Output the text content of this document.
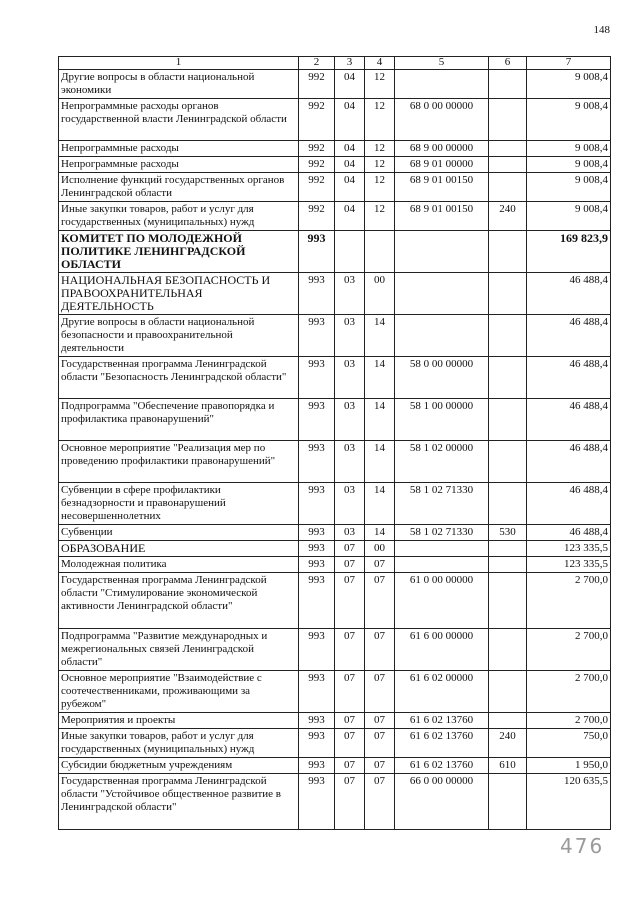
148
1	2	3	4	5	6	7
Другие вопросы в области национальной экономики	992	04	12			9 008,4
Непрограммные расходы органов государственной власти Ленинградской области	992	04	12	68 0 00 00000		9 008,4
Непрограммные расходы	992	04	12	68 9 00 00000		9 008,4
Непрограммные расходы	992	04	12	68 9 01 00000		9 008,4
Исполнение функций государственных органов Ленинградской области	992	04	12	68 9 01 00150		9 008,4
Иные закупки товаров, работ и услуг для государственных (муниципальных) нужд	992	04	12	68 9 01 00150	240	9 008,4
КОМИТЕТ ПО МОЛОДЕЖНОЙ ПОЛИТИКЕ ЛЕНИНГРАДСКОЙ ОБЛАСТИ	993					169 823,9
НАЦИОНАЛЬНАЯ БЕЗОПАСНОСТЬ И ПРАВООХРАНИТЕЛЬНАЯ ДЕЯТЕЛЬНОСТЬ	993	03	00			46 488,4
Другие вопросы в области национальной безопасности и правоохранительной деятельности	993	03	14			46 488,4
Государственная программа Ленинградской области "Безопасность Ленинградской области"	993	03	14	58 0 00 00000		46 488,4
Подпрограмма "Обеспечение правопорядка и профилактика правонарушений"	993	03	14	58 1 00 00000		46 488,4
Основное мероприятие "Реализация мер по проведению профилактики правонарушений"	993	03	14	58 1 02 00000		46 488,4
Субвенции в сфере профилактики безнадзорности и правонарушений несовершеннолетних	993	03	14	58 1 02 71330		46 488,4
Субвенции	993	03	14	58 1 02 71330	530	46 488,4
ОБРАЗОВАНИЕ	993	07	00			123 335,5
Молодежная политика	993	07	07			123 335,5
Государственная программа Ленинградской области "Стимулирование экономической активности Ленинградской области"	993	07	07	61 0 00 00000		2 700,0
Подпрограмма "Развитие международных и межрегиональных связей Ленинградской области"	993	07	07	61 6 00 00000		2 700,0
Основное мероприятие "Взаимодействие с соотечественниками, проживающими за рубежом"	993	07	07	61 6 02 00000		2 700,0
Мероприятия и проекты	993	07	07	61 6 02 13760		2 700,0
Иные закупки товаров, работ и услуг для государственных (муниципальных) нужд	993	07	07	61 6 02 13760	240	750,0
Субсидии бюджетным учреждениям	993	07	07	61 6 02 13760	610	1 950,0
Государственная программа Ленинградской области "Устойчивое общественное развитие в Ленинградской области"	993	07	07	66 0 00 00000		120 635,5
476
